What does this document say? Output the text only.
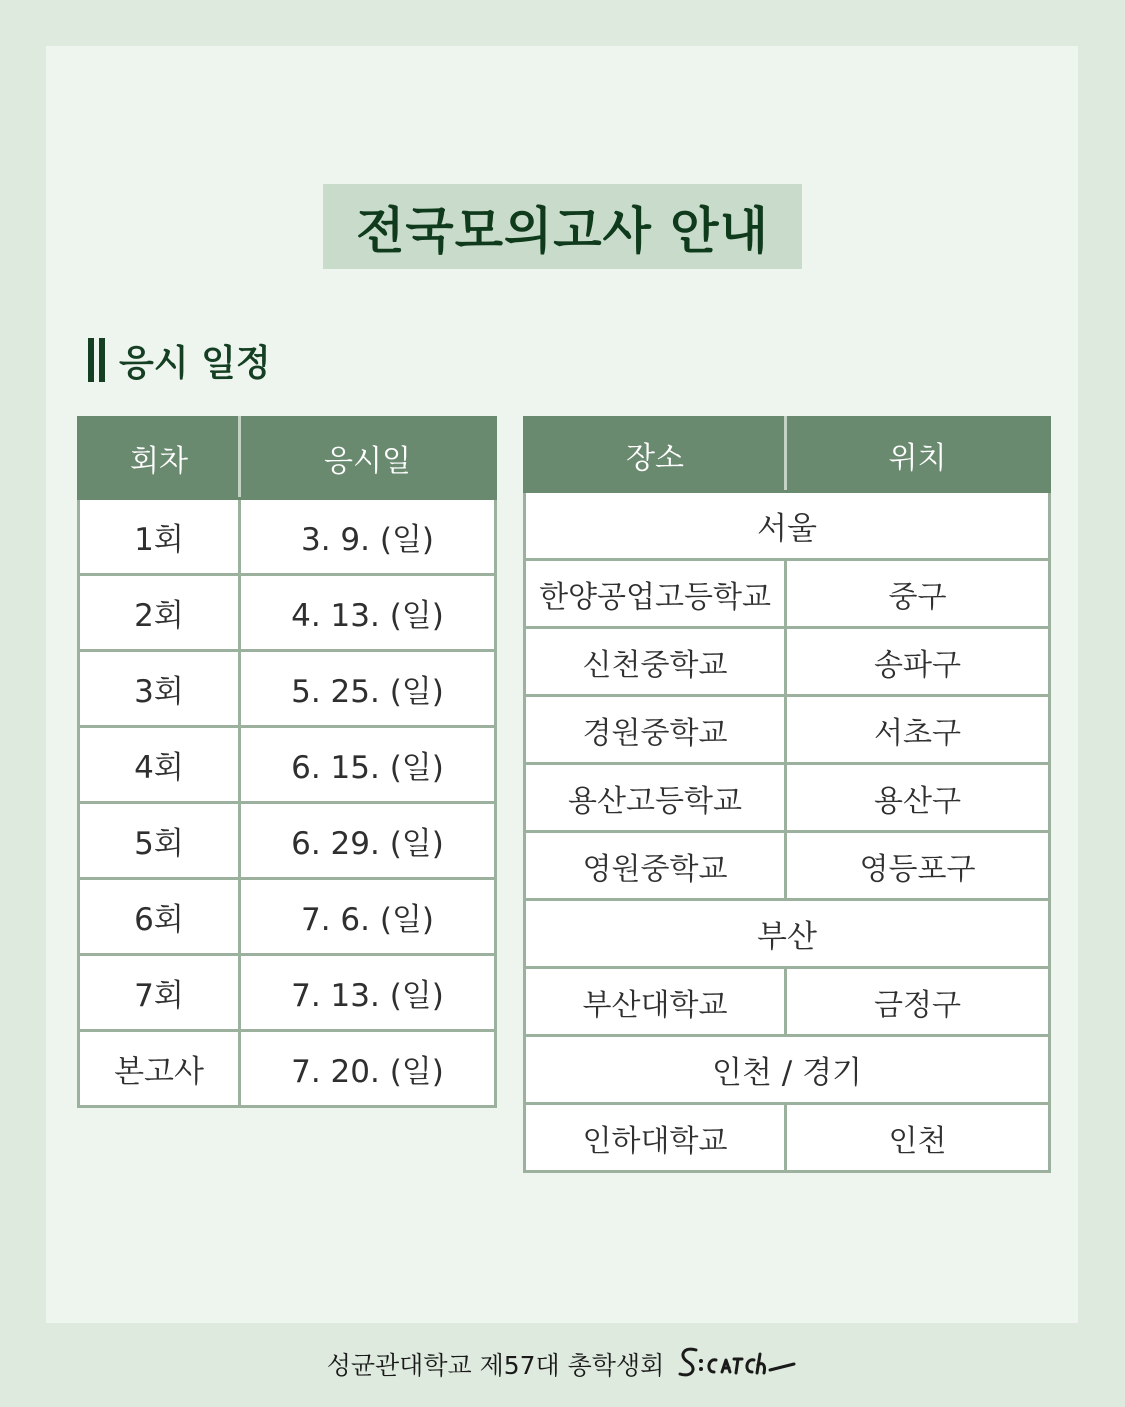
전국모의고사 안내
응시 일정
회차	응시일
1회	3. 9. (일)
2회	4. 13. (일)
3회	5. 25. (일)
4회	6. 15. (일)
5회	6. 29. (일)
6회	7. 6. (일)
7회	7. 13. (일)
본고사	7. 20. (일)
장소	위치
서울	
한양공업고등학교	중구
신천중학교	송파구
경원중학교	서초구
용산고등학교	용산구
영원중학교	영등포구
부산	
부산대학교	금정구
인천 / 경기	
인하대학교	인천
성균관대학교 제57대 총학생회
